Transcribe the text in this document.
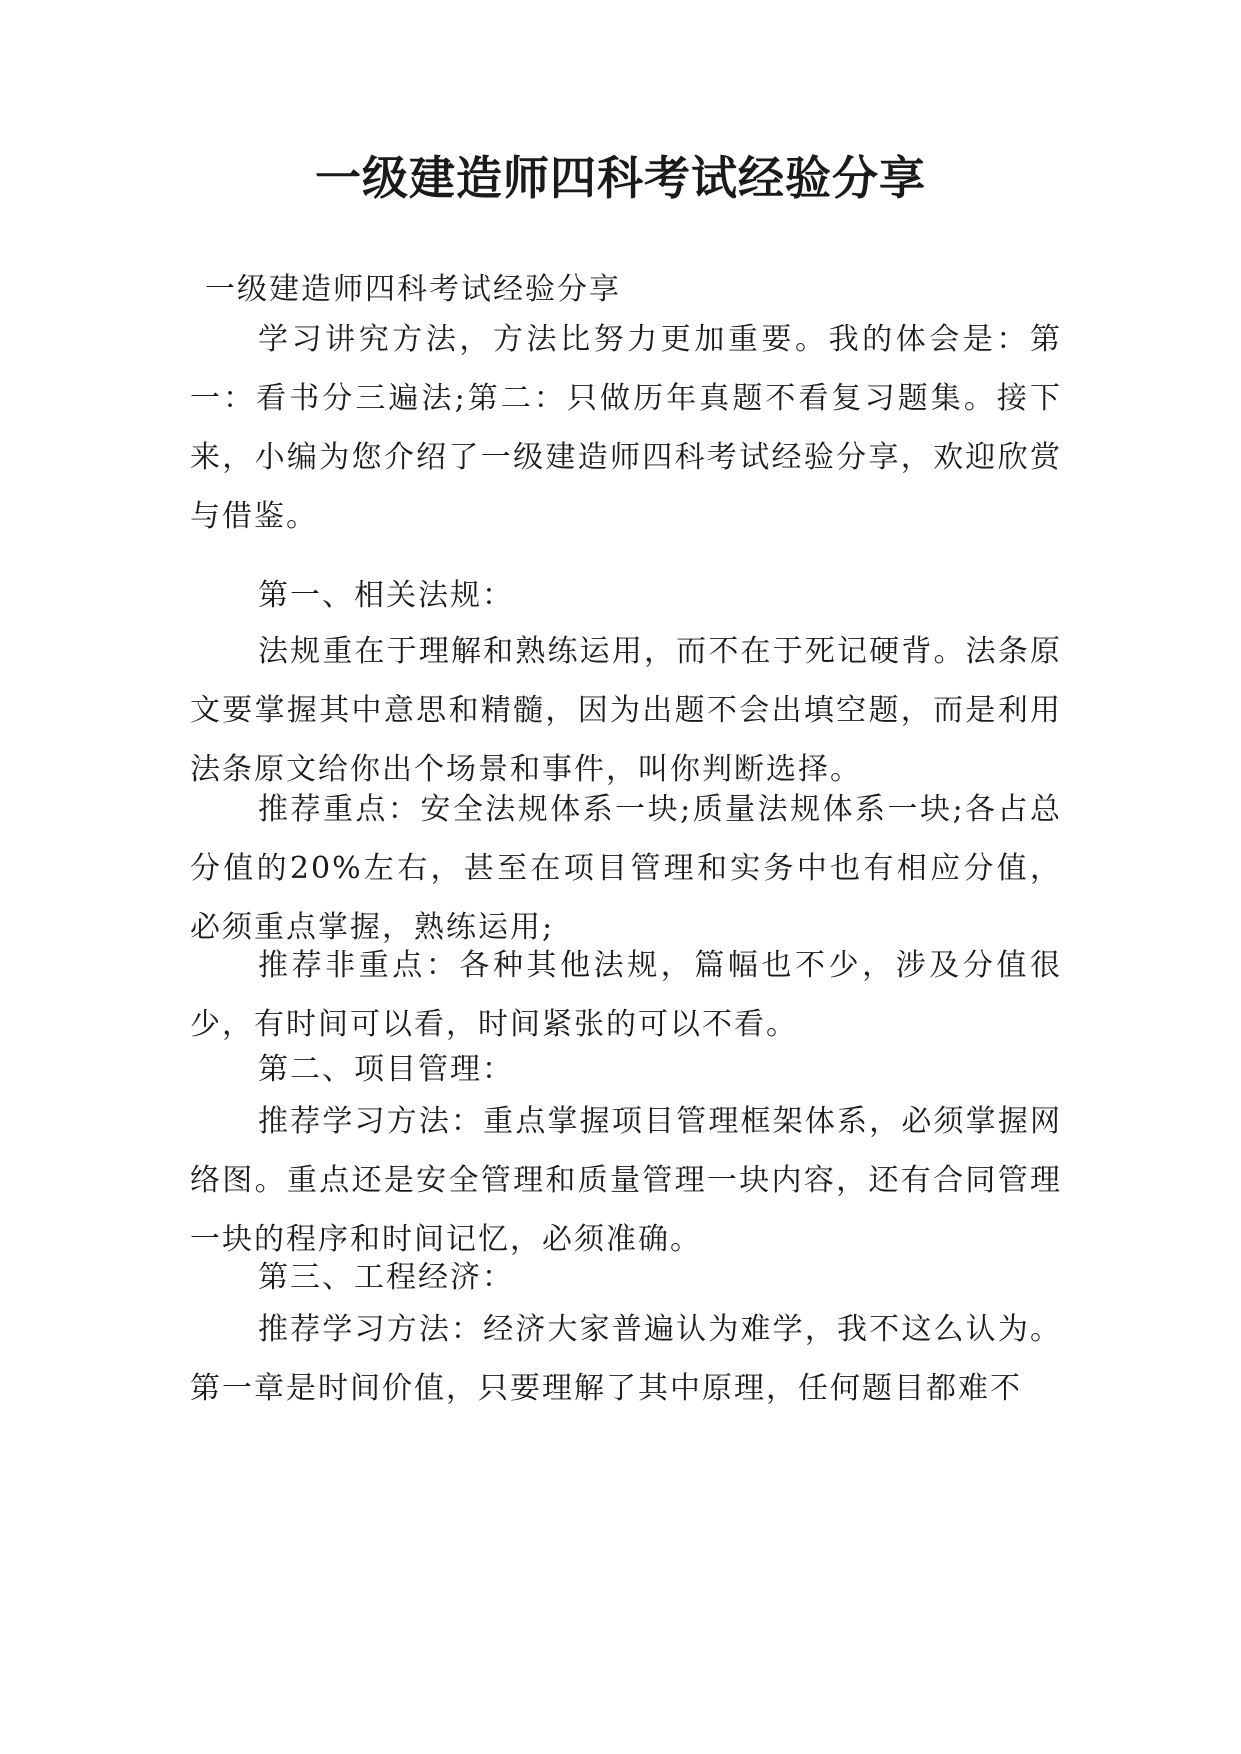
一级建造师四科考试经验分享

一级建造师四科考试经验分享

学习讲究方法，方法比努力更加重要。我的体会是：第一：看书分三遍法;第二：只做历年真题不看复习题集。接下来，小编为您介绍了一级建造师四科考试经验分享，欢迎欣赏与借鉴。

第一、相关法规：

法规重在于理解和熟练运用，而不在于死记硬背。法条原文要掌握其中意思和精髓，因为出题不会出填空题，而是利用法条原文给你出个场景和事件，叫你判断选择。

推荐重点：安全法规体系一块;质量法规体系一块;各占总分值的20%左右，甚至在项目管理和实务中也有相应分值，必须重点掌握，熟练运用;

推荐非重点：各种其他法规，篇幅也不少，涉及分值很少，有时间可以看，时间紧张的可以不看。

第二、项目管理：

推荐学习方法：重点掌握项目管理框架体系，必须掌握网络图。重点还是安全管理和质量管理一块内容，还有合同管理一块的程序和时间记忆，必须准确。

第三、工程经济：

推荐学习方法：经济大家普遍认为难学，我不这么认为。第一章是时间价值，只要理解了其中原理，任何题目都难不
